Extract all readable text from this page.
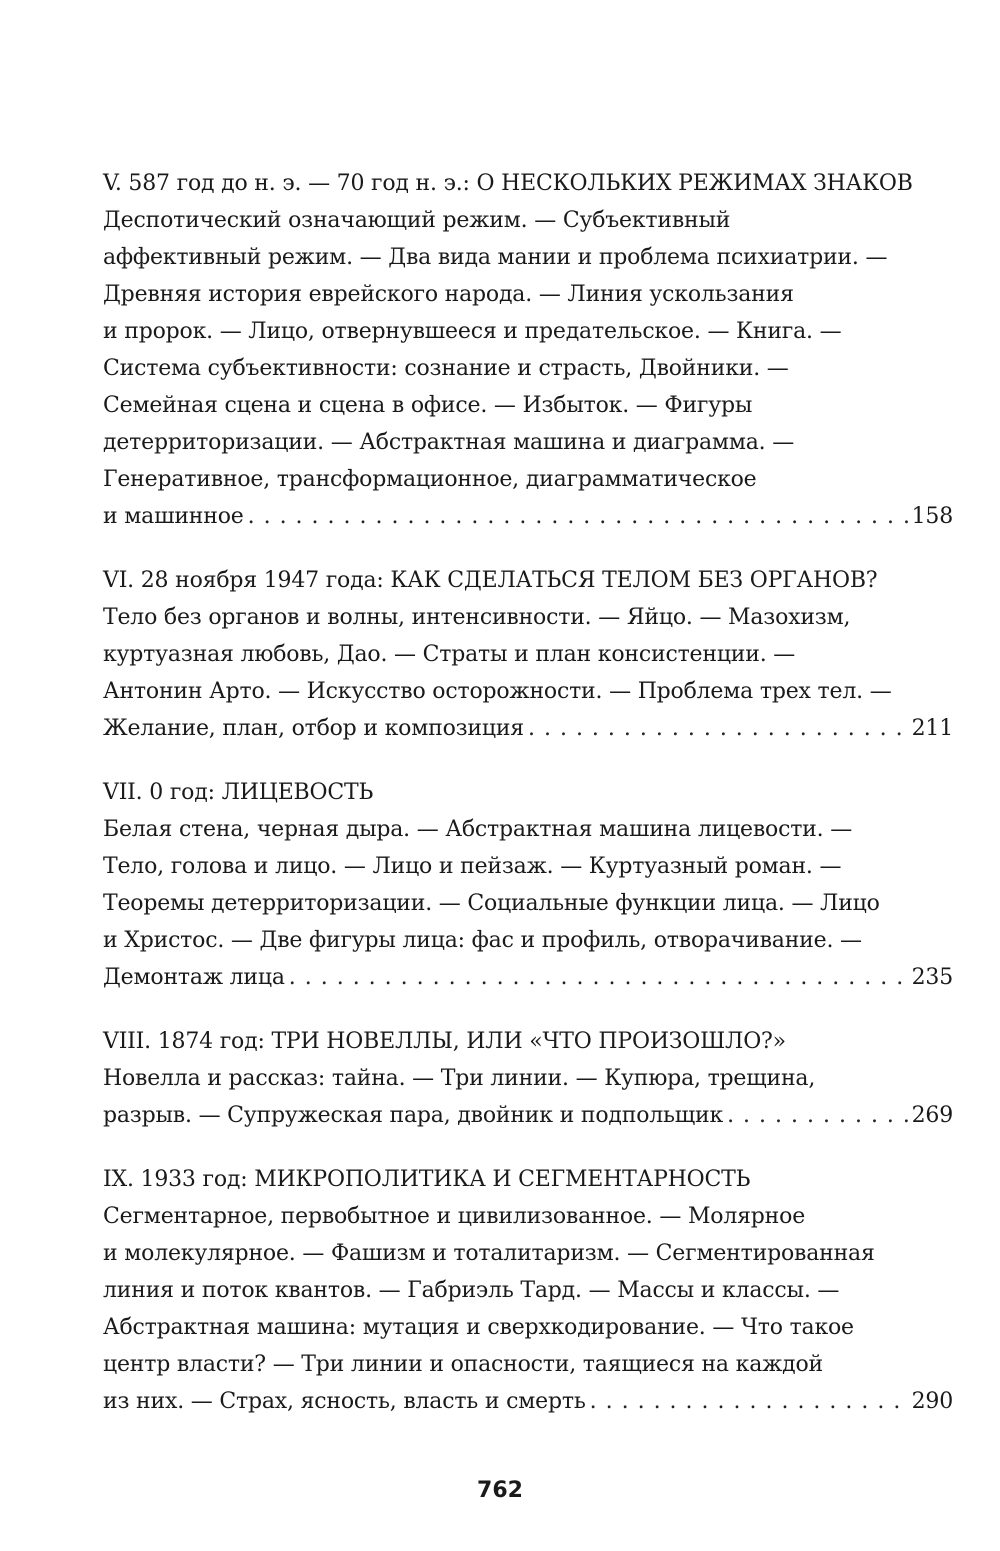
V. 587 год до н. э. — 70 год н. э.: О НЕСКОЛЬКИХ РЕЖИМАХ ЗНАКОВ
Деспотический означающий режим. — Субъективный
аффективный режим. — Два вида мании и проблема психиатрии. —
Древняя история еврейского народа. — Линия ускользания
и пророк. — Лицо, отвернувшееся и предательское. — Книга. —
Система субъективности: сознание и страсть, Двойники. —
Семейная сцена и сцена в офисе. — Избыток. — Фигуры
детерриторизации. — Абстрактная машина и диаграмма. —
Генеративное, трансформационное, диаграмматическое
и машинное . . .	158
VI. 28 ноября 1947 года: КАК СДЕЛАТЬСЯ ТЕЛОМ БЕЗ ОРГАНОВ?
Тело без органов и волны, интенсивности. — Яйцо. — Мазохизм,
куртуазная любовь, Дао. — Страты и план консистенции. —
Антонин Арто. — Искусство осторожности. — Проблема трех тел. —
Желание, план, отбор и композиция . . .	211
VII. 0 год: ЛИЦЕВОСТЬ
Белая стена, черная дыра. — Абстрактная машина лицевости. —
Тело, голова и лицо. — Лицо и пейзаж. — Куртуазный роман. —
Теоремы детерриторизации. — Социальные функции лица. — Лицо
и Христос. — Две фигуры лица: фас и профиль, отворачивание. —
Демонтаж лица . . .	235
VIII. 1874 год: ТРИ НОВЕЛЛЫ, ИЛИ «ЧТО ПРОИЗОШЛО?»
Новелла и рассказ: тайна. — Три линии. — Купюра, трещина,
разрыв. — Супружеская пара, двойник и подпольщик . . .	269
IX. 1933 год: МИКРОПОЛИТИКА И СЕГМЕНТАРНОСТЬ
Сегментарное, первобытное и цивилизованное. — Молярное
и молекулярное. — Фашизм и тоталитаризм. — Сегментированная
линия и поток квантов. — Габриэль Тард. — Массы и классы. —
Абстрактная машина: мутация и сверхкодирование. — Что такое
центр власти? — Три линии и опасности, таящиеся на каждой
из них. — Страх, ясность, власть и смерть . . .	290
762
